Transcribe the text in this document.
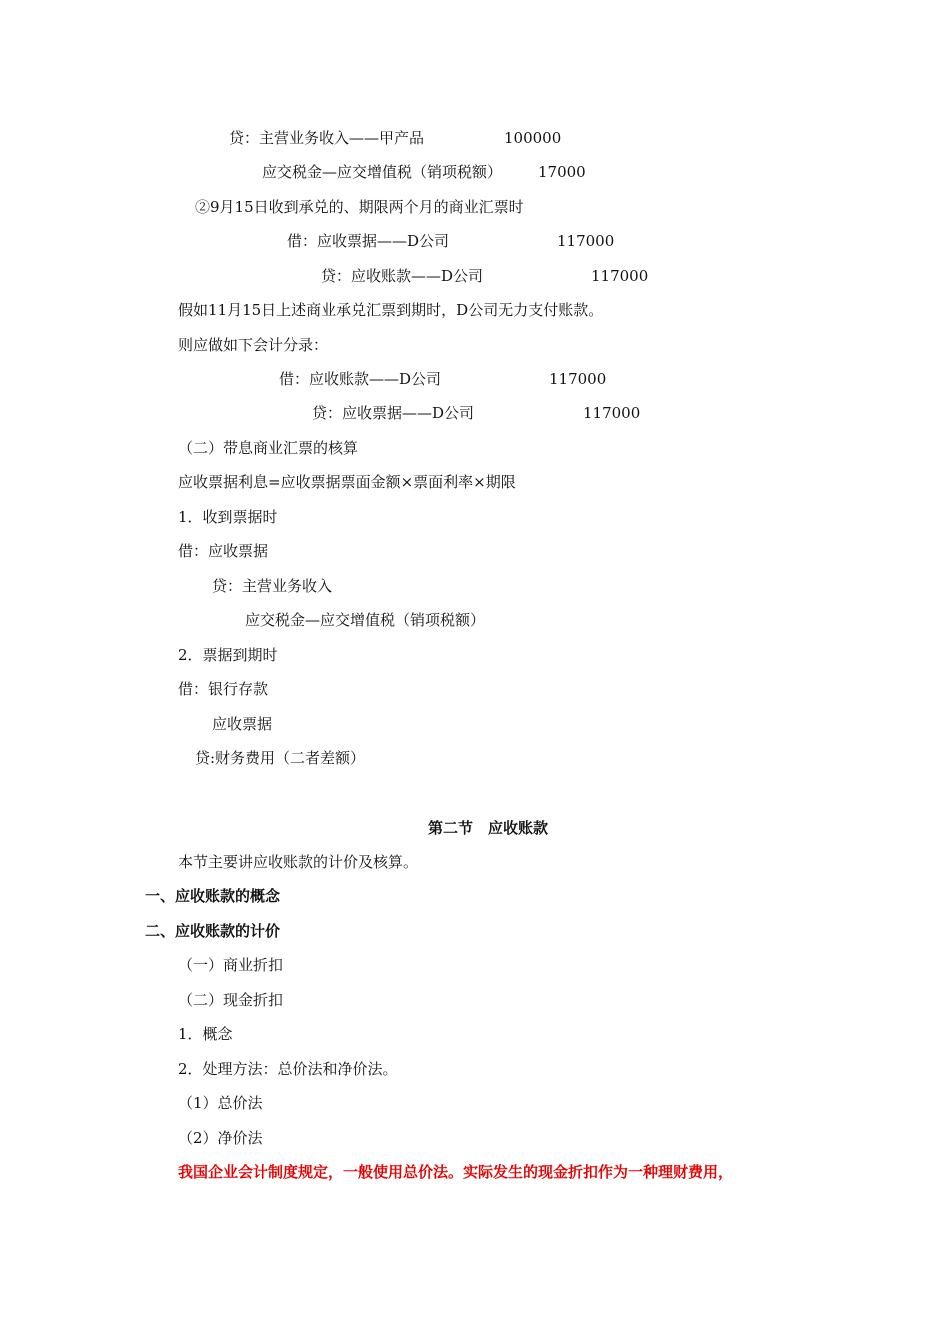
贷：主营业务收入——甲产品	100000
应交税金—应交增值税（销项税额） 17000
②9月15日收到承兑的、期限两个月的商业汇票时
借：应收票据——D公司	117000
贷：应收账款——D公司	117000
假如11月15日上述商业承兑汇票到期时，D公司无力支付账款。
则应做如下会计分录：
借：应收账款——D公司	117000
贷：应收票据——D公司	117000
（二）带息商业汇票的核算
应收票据利息=应收票据票面金额×票面利率×期限
1．收到票据时
借：应收票据
贷：主营业务收入
应交税金—应交增值税（销项税额）
2．票据到期时
借：银行存款
应收票据
贷:财务费用（二者差额）
第二节　应收账款
本节主要讲应收账款的计价及核算。
一、应收账款的概念
二、应收账款的计价
（一）商业折扣
（二）现金折扣
1．概念
2．处理方法：总价法和净价法。
（1）总价法
（2）净价法
我国企业会计制度规定，一般使用总价法。实际发生的现金折扣作为一种理财费用，
